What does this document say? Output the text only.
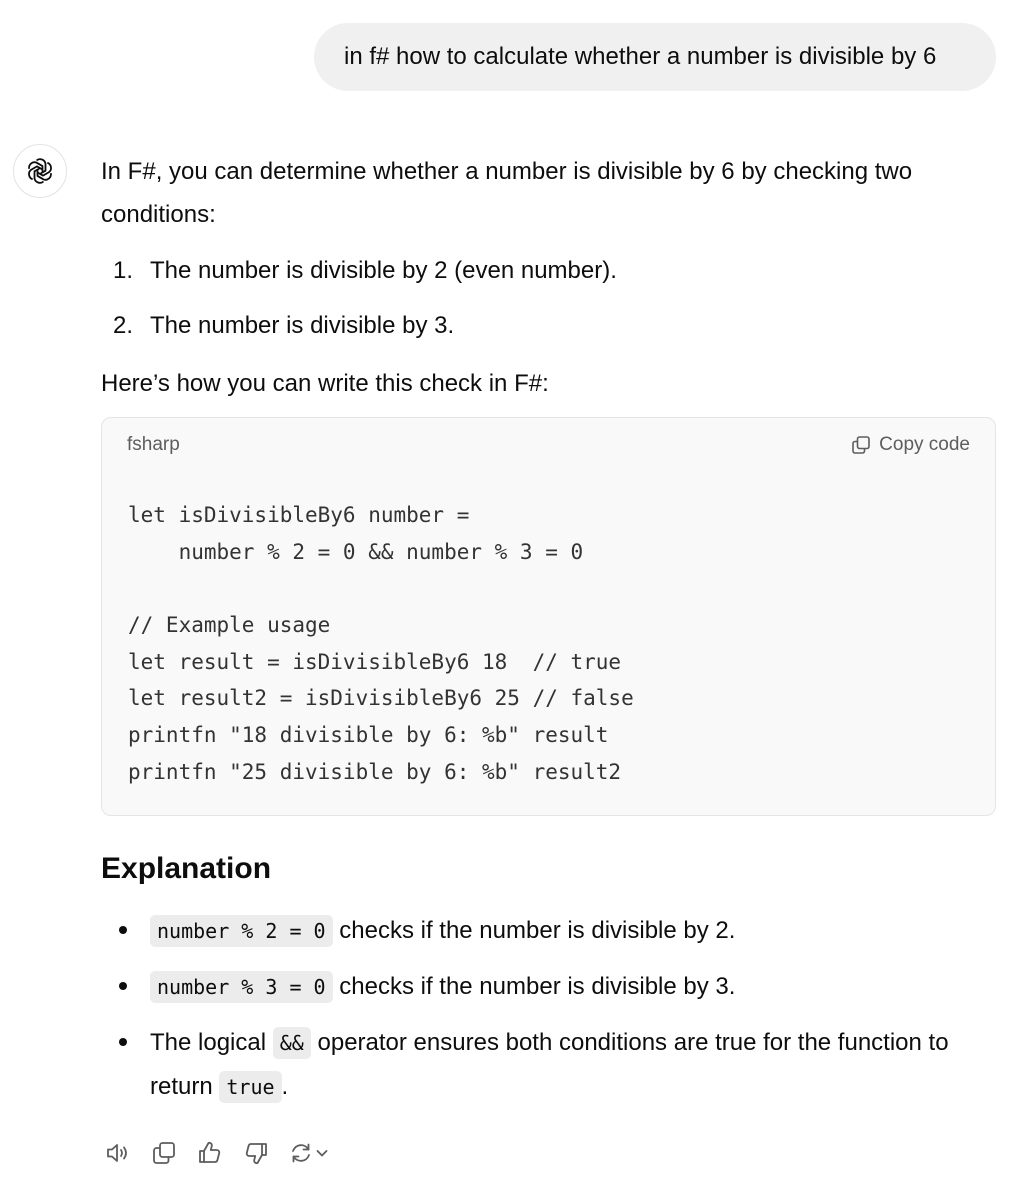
in f# how to calculate whether a number is divisible by 6

In F#, you can determine whether a number is divisible by 6 by checking two conditions:

1. The number is divisible by 2 (even number).
2. The number is divisible by 3.

Here’s how you can write this check in F#:

fsharp	Copy code
let isDivisibleBy6 number =
number % 2 = 0 && number % 3 = 0
// Example usage
let result = isDivisibleBy6 18  // true
let result2 = isDivisibleBy6 25 // false
printfn "18 divisible by 6: %b" result
printfn "25 divisible by 6: %b" result2
Explanation
number % 2 = 0 checks if the number is divisible by 2.
number % 3 = 0 checks if the number is divisible by 3.
The logical && operator ensures both conditions are true for the function to return true .
